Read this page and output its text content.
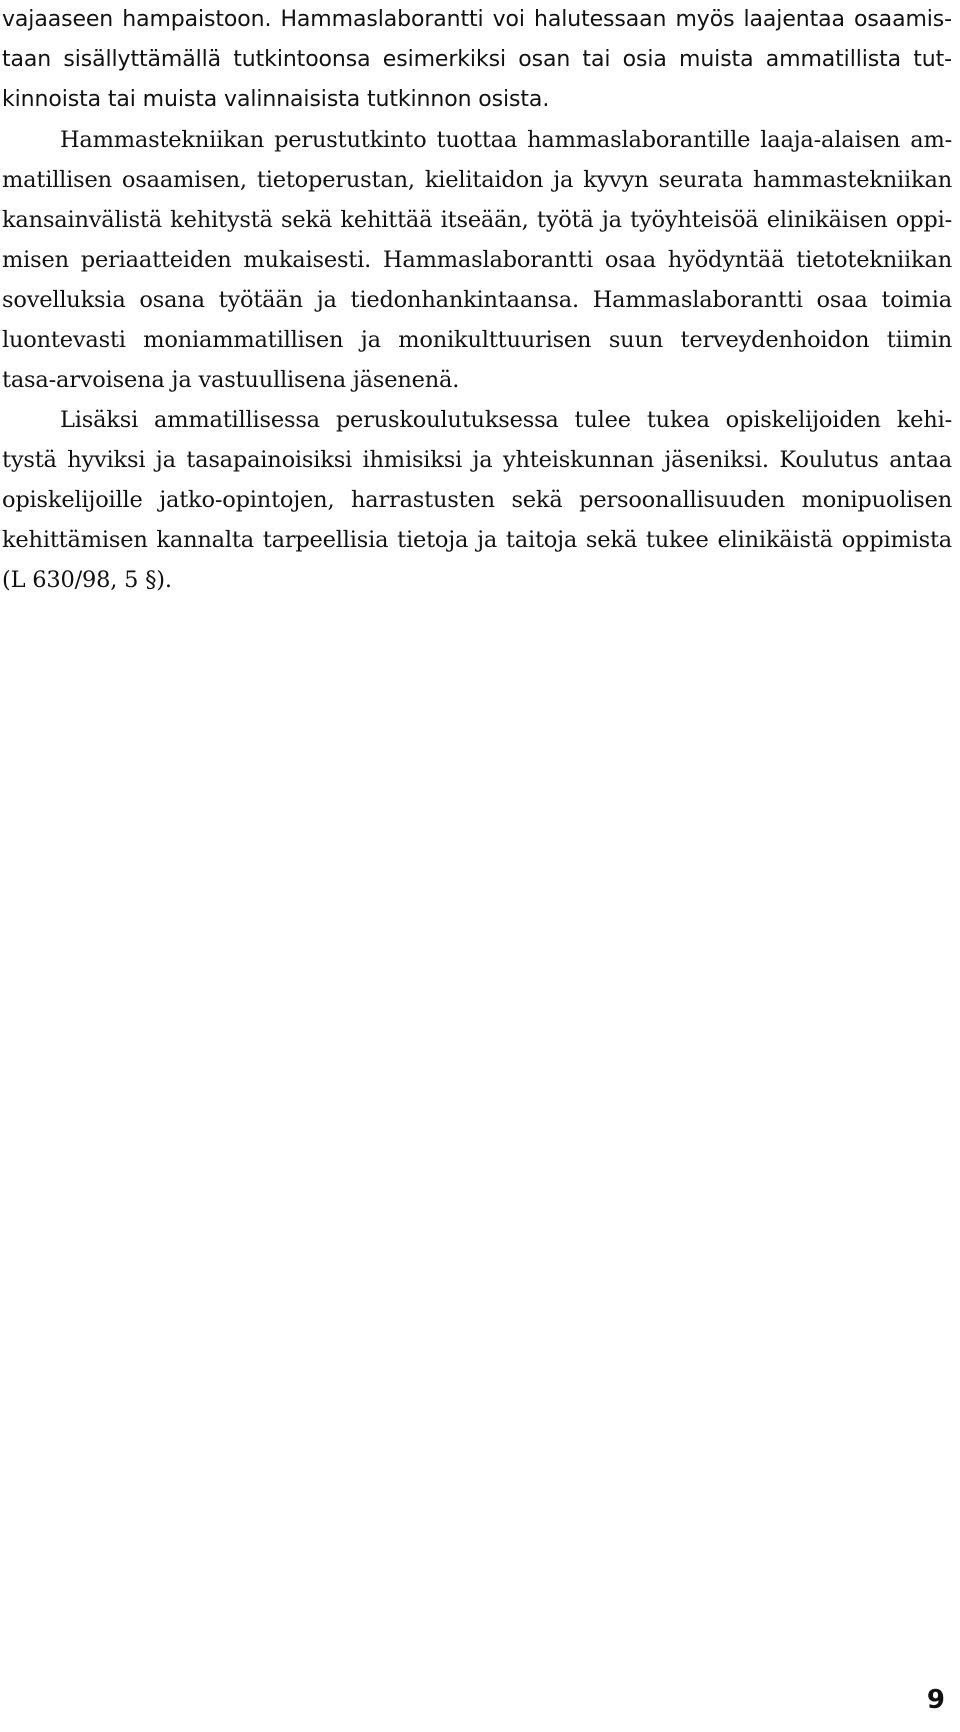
vajaaseen hampaistoon. Hammaslaborantti voi halutessaan myös laajentaa osaamis-

taan sisällyttämällä tutkintoonsa esimerkiksi osan tai osia muista ammatillista tut-

kinnoista tai muista valinnaisista tutkinnon osista.

Hammastekniikan perustutkinto tuottaa hammaslaborantille laaja-alaisen am-

matillisen osaamisen, tietoperustan, kielitaidon ja kyvyn seurata hammastekniikan

kansainvälistä kehitystä sekä kehittää itseään, työtä ja työyhteisöä elinikäisen oppi-

misen periaatteiden mukaisesti. Hammaslaborantti osaa hyödyntää tietotekniikan

sovelluksia osana työtään ja tiedonhankintaansa. Hammaslaborantti osaa toimia

luontevasti moniammatillisen ja monikulttuurisen suun terveydenhoidon tiimin

tasa-arvoisena ja vastuullisena jäsenenä.

Lisäksi ammatillisessa peruskoulutuksessa tulee tukea opiskelijoiden kehi-

tystä hyviksi ja tasapainoisiksi ihmisiksi ja yhteiskunnan jäseniksi. Koulutus antaa

opiskelijoille jatko-opintojen, harrastusten sekä persoonallisuuden monipuolisen

kehittämisen kannalta tarpeellisia tietoja ja taitoja sekä tukee elinikäistä oppimista

(L 630/98, 5 §).

9
